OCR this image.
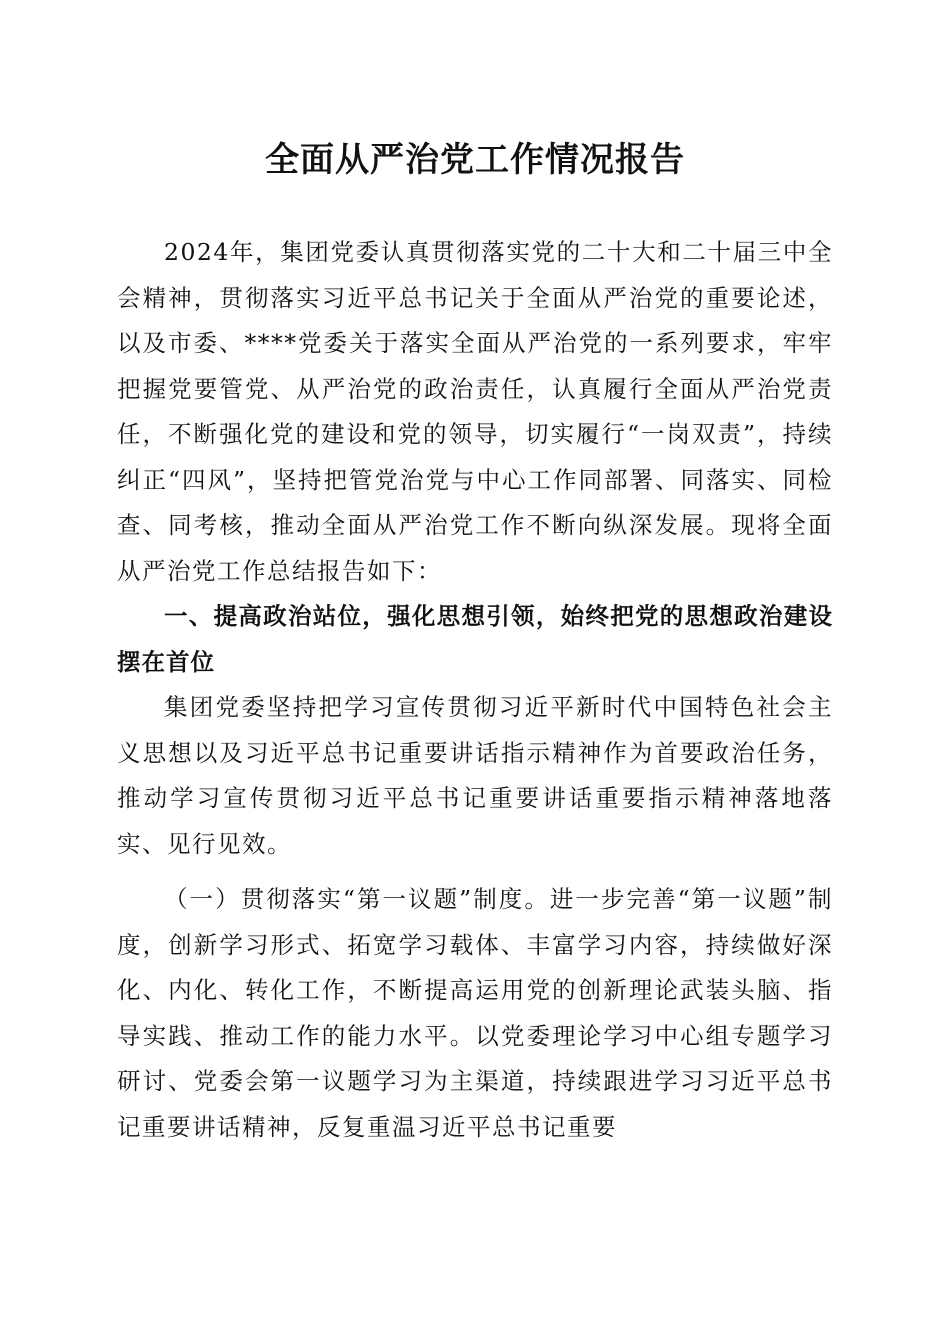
全面从严治党工作情况报告

2024年，集团党委认真贯彻落实党的二十大和二十届三中全会精神，贯彻落实习近平总书记关于全面从严治党的重要论述，以及市委、****党委关于落实全面从严治党的一系列要求，牢牢把握党要管党、从严治党的政治责任，认真履行全面从严治党责任，不断强化党的建设和党的领导，切实履行“一岗双责”，持续纠正“四风”，坚持把管党治党与中心工作同部署、同落实、同检查、同考核，推动全面从严治党工作不断向纵深发展。现将全面从严治党工作总结报告如下：

一、提高政治站位，强化思想引领，始终把党的思想政治建设摆在首位

集团党委坚持把学习宣传贯彻习近平新时代中国特色社会主义思想以及习近平总书记重要讲话指示精神作为首要政治任务，推动学习宣传贯彻习近平总书记重要讲话重要指示精神落地落实、见行见效。

（一）贯彻落实“第一议题”制度。进一步完善“第一议题”制度，创新学习形式、拓宽学习载体、丰富学习内容，持续做好深化、内化、转化工作，不断提高运用党的创新理论武装头脑、指导实践、推动工作的能力水平。以党委理论学习中心组专题学习研讨、党委会第一议题学习为主渠道，持续跟进学习习近平总书记重要讲话精神，反复重温习近平总书记重要
